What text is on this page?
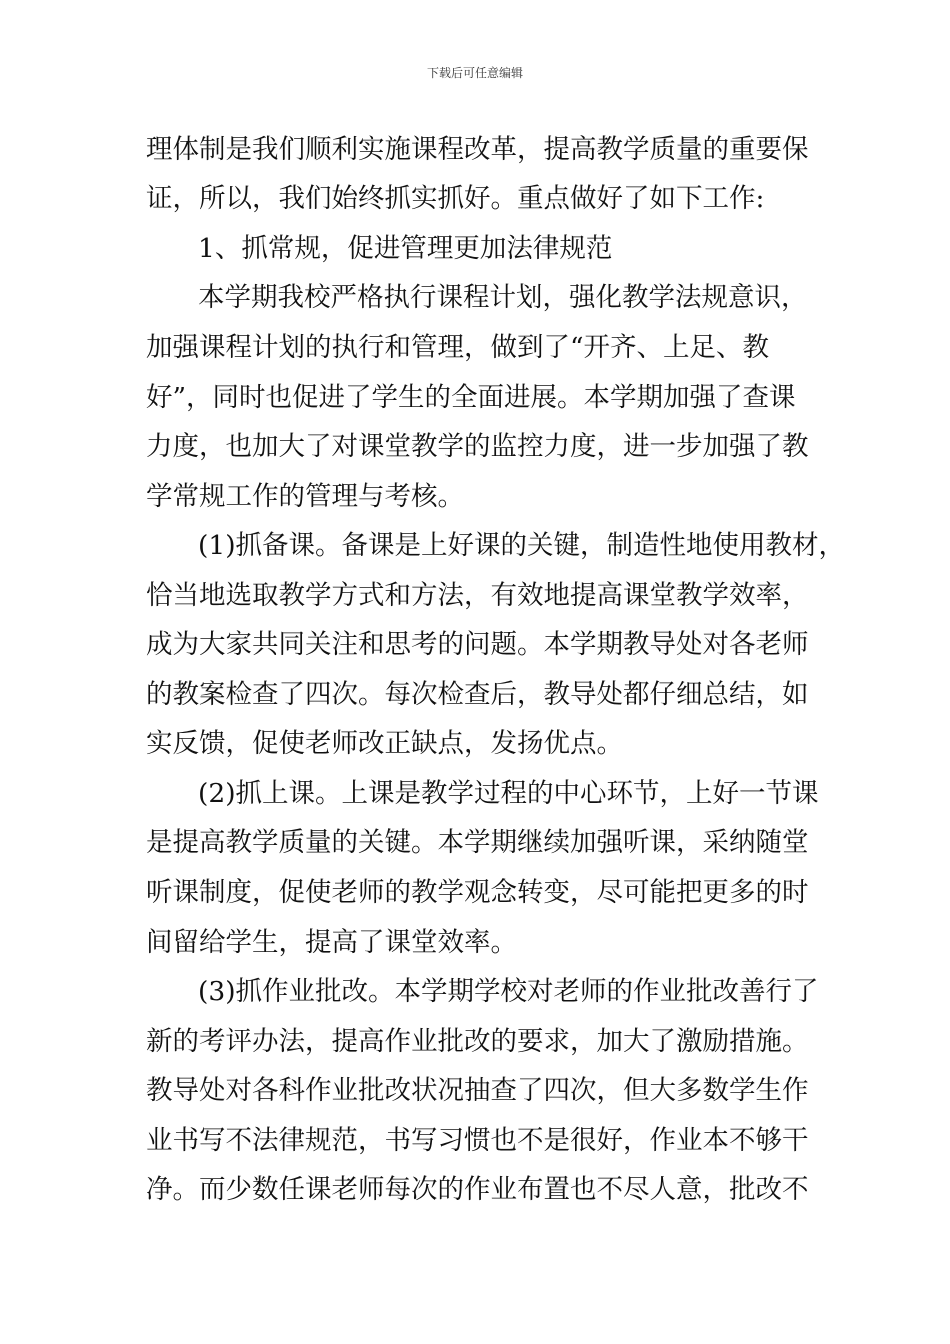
下载后可任意编辑
理体制是我们顺利实施课程改革，提高教学质量的重要保
证，所以，我们始终抓实抓好。重点做好了如下工作:
1、抓常规，促进管理更加法律规范
本学期我校严格执行课程计划，强化教学法规意识，
加强课程计划的执行和管理，做到了“开齐、上足、教
好”，同时也促进了学生的全面进展。本学期加强了查课
力度，也加大了对课堂教学的监控力度，进一步加强了教
学常规工作的管理与考核。
(1)抓备课。备课是上好课的关键，制造性地使用教材，
恰当地选取教学方式和方法，有效地提高课堂教学效率，
成为大家共同关注和思考的问题。本学期教导处对各老师
的教案检查了四次。每次检查后，教导处都仔细总结，如
实反馈，促使老师改正缺点，发扬优点。
(2)抓上课。上课是教学过程的中心环节，上好一节课
是提高教学质量的关键。本学期继续加强听课，采纳随堂
听课制度，促使老师的教学观念转变，尽可能把更多的时
间留给学生，提高了课堂效率。
(3)抓作业批改。本学期学校对老师的作业批改善行了
新的考评办法，提高作业批改的要求，加大了激励措施。
教导处对各科作业批改状况抽查了四次，但大多数学生作
业书写不法律规范，书写习惯也不是很好，作业本不够干
净。而少数任课老师每次的作业布置也不尽人意，批改不
